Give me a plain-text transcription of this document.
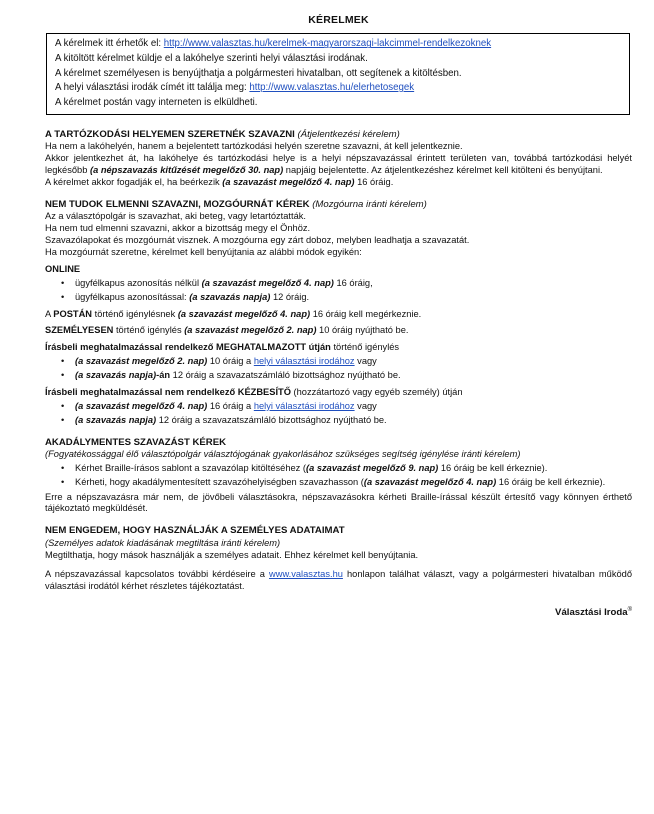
KÉRELMEK

A kérelmek itt érhetők el: http://www.valasztas.hu/kerelmek-magyarorszagi-lakcimmel-rendelkezoknek

A kitöltött kérelmet küldje el a lakóhelye szerinti helyi választási irodának.

A kérelmet személyesen is benyújthatja a polgármesteri hivatalban, ott segítenek a kitöltésben.

A helyi választási irodák címét itt találja meg: http://www.valasztas.hu/elerhetosegek

A kérelmet postán vagy interneten is elküldheti.

A TARTÓZKODÁSI HELYEMEN SZERETNÉK SZAVAZNI (Átjelentkezési kérelem)

Ha nem a lakóhelyén, hanem a bejelentett tartózkodási helyén szeretne szavazni, át kell jelentkeznie.

Akkor jelentkezhet át, ha lakóhelye és tartózkodási helye is a helyi népszavazással érintett területen van, továbbá tartózkodási helyét legkésőbb (a népszavazás kitűzését megelőző 30. nap) napjáig bejelentette. Az átjelentkezéshez kérelmet kell kitölteni és benyújtani.

A kérelmet akkor fogadják el, ha beérkezik (a szavazást megelőző 4. nap) 16 óráig.

NEM TUDOK ELMENNI SZAVAZNI, MOZGÓURNÁT KÉREK (Mozgóurna iránti kérelem)

Az a választópolgár is szavazhat, aki beteg, vagy letartóztatták.

Ha nem tud elmenni szavazni, akkor a bizottság megy el Önhöz.

Szavazólapokat és mozgóurnát visznek. A mozgóurna egy zárt doboz, melyben leadhatja a szavazatát.

Ha mozgóurnát szeretne, kérelmet kell benyújtania az alábbi módok egyikén:

ONLINE

• ügyfélkapus azonosítás nélkül (a szavazást megelőző 4. nap) 16 óráig,
• ügyfélkapus azonosítással: (a szavazás napja) 12 óráig.

A POSTÁN történő igénylésnek (a szavazást megelőző 4. nap) 16 óráig kell megérkeznie.

SZEMÉLYESEN történő igénylés (a szavazást megelőző 2. nap) 10 óráig nyújtható be.

Írásbeli meghatalmazással rendelkező MEGHATALMAZOTT útján történő igénylés

• (a szavazást megelőző 2. nap) 10 óráig a helyi választási irodához vagy
• (a szavazás napja)-án 12 óráig a szavazatszámláló bizottsághoz nyújtható be.

Írásbeli meghatalmazással nem rendelkező KÉZBESÍTŐ (hozzátartozó vagy egyéb személy) útján

• (a szavazást megelőző 4. nap) 16 óráig a helyi választási irodához vagy
• (a szavazás napja) 12 óráig a szavazatszámláló bizottsághoz nyújtható be.
AKADÁLYMENTES SZAVAZÁST KÉREK

(Fogyatékossággal élő választópolgár választójogának gyakorlásához szükséges segítség igénylése iránti kérelem)

• Kérhet Braille-írásos sablont a szavazólap kitöltéséhez ((a szavazást megelőző 9. nap) 16 óráig be kell érkeznie).
• Kérheti, hogy akadálymentesített szavazóhelyiségben szavazhasson ((a szavazást megelőző 4. nap) 16 óráig be kell érkeznie).

Erre a népszavazásra már nem, de jövőbeli választásokra, népszavazásokra kérheti Braille-írással készült értesítő vagy könnyen érthető tájékoztató megküldését.

NEM ENGEDEM, HOGY HASZNÁLJÁK A SZEMÉLYES ADATAIMAT

(Személyes adatok kiadásának megtiltása iránti kérelem)

Megtilthatja, hogy mások használják a személyes adatait. Ehhez kérelmet kell benyújtania.

A népszavazással kapcsolatos további kérdéseire a www.valasztas.hu honlapon találhat választ, vagy a polgármesteri hivatalban működő választási irodától kérhet részletes tájékoztatást.

Választási Iroda®
